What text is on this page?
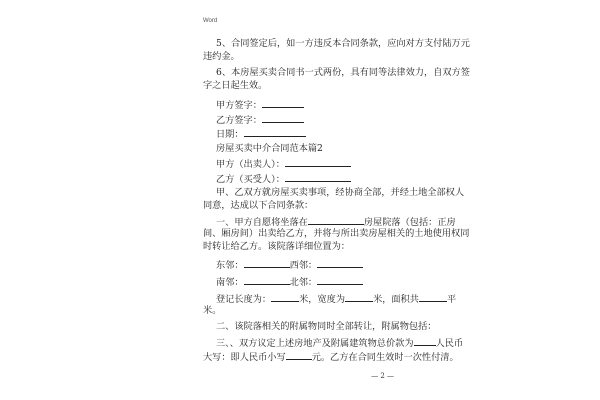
Word
5、合同签定后，如一方违反本合同条款，应向对方支付陆万元
违约金。
6、本房屋买卖合同书一式两份，具有同等法律效力，自双方签
字之日起生效。
甲方签字：
乙方签字：
日期：
房屋买卖中介合同范本篇2
甲方（出卖人）：
乙方（买受人）：
甲、乙双方就房屋买卖事项，经协商全部，并经土地全部权人
同意，达成以下合同条款：
一、甲方自愿将坐落在	房屋院落（包括：正房
间、厢房间）出卖给乙方，并将与所出卖房屋相关的土地使用权同
时转让给乙方。该院落详细位置为：
东邻：	西邻：
南邻：	北邻：
登记长度为：	米，宽度为	米，面积共	平
米。
二、该院落相关的附属物同时全部转让，附属物包括：
三、、双方议定上述房地产及附属建筑物总价款为 人民币
大写：即人民币小写	元。乙方在合同生效时一次性付清。
— 2 —
